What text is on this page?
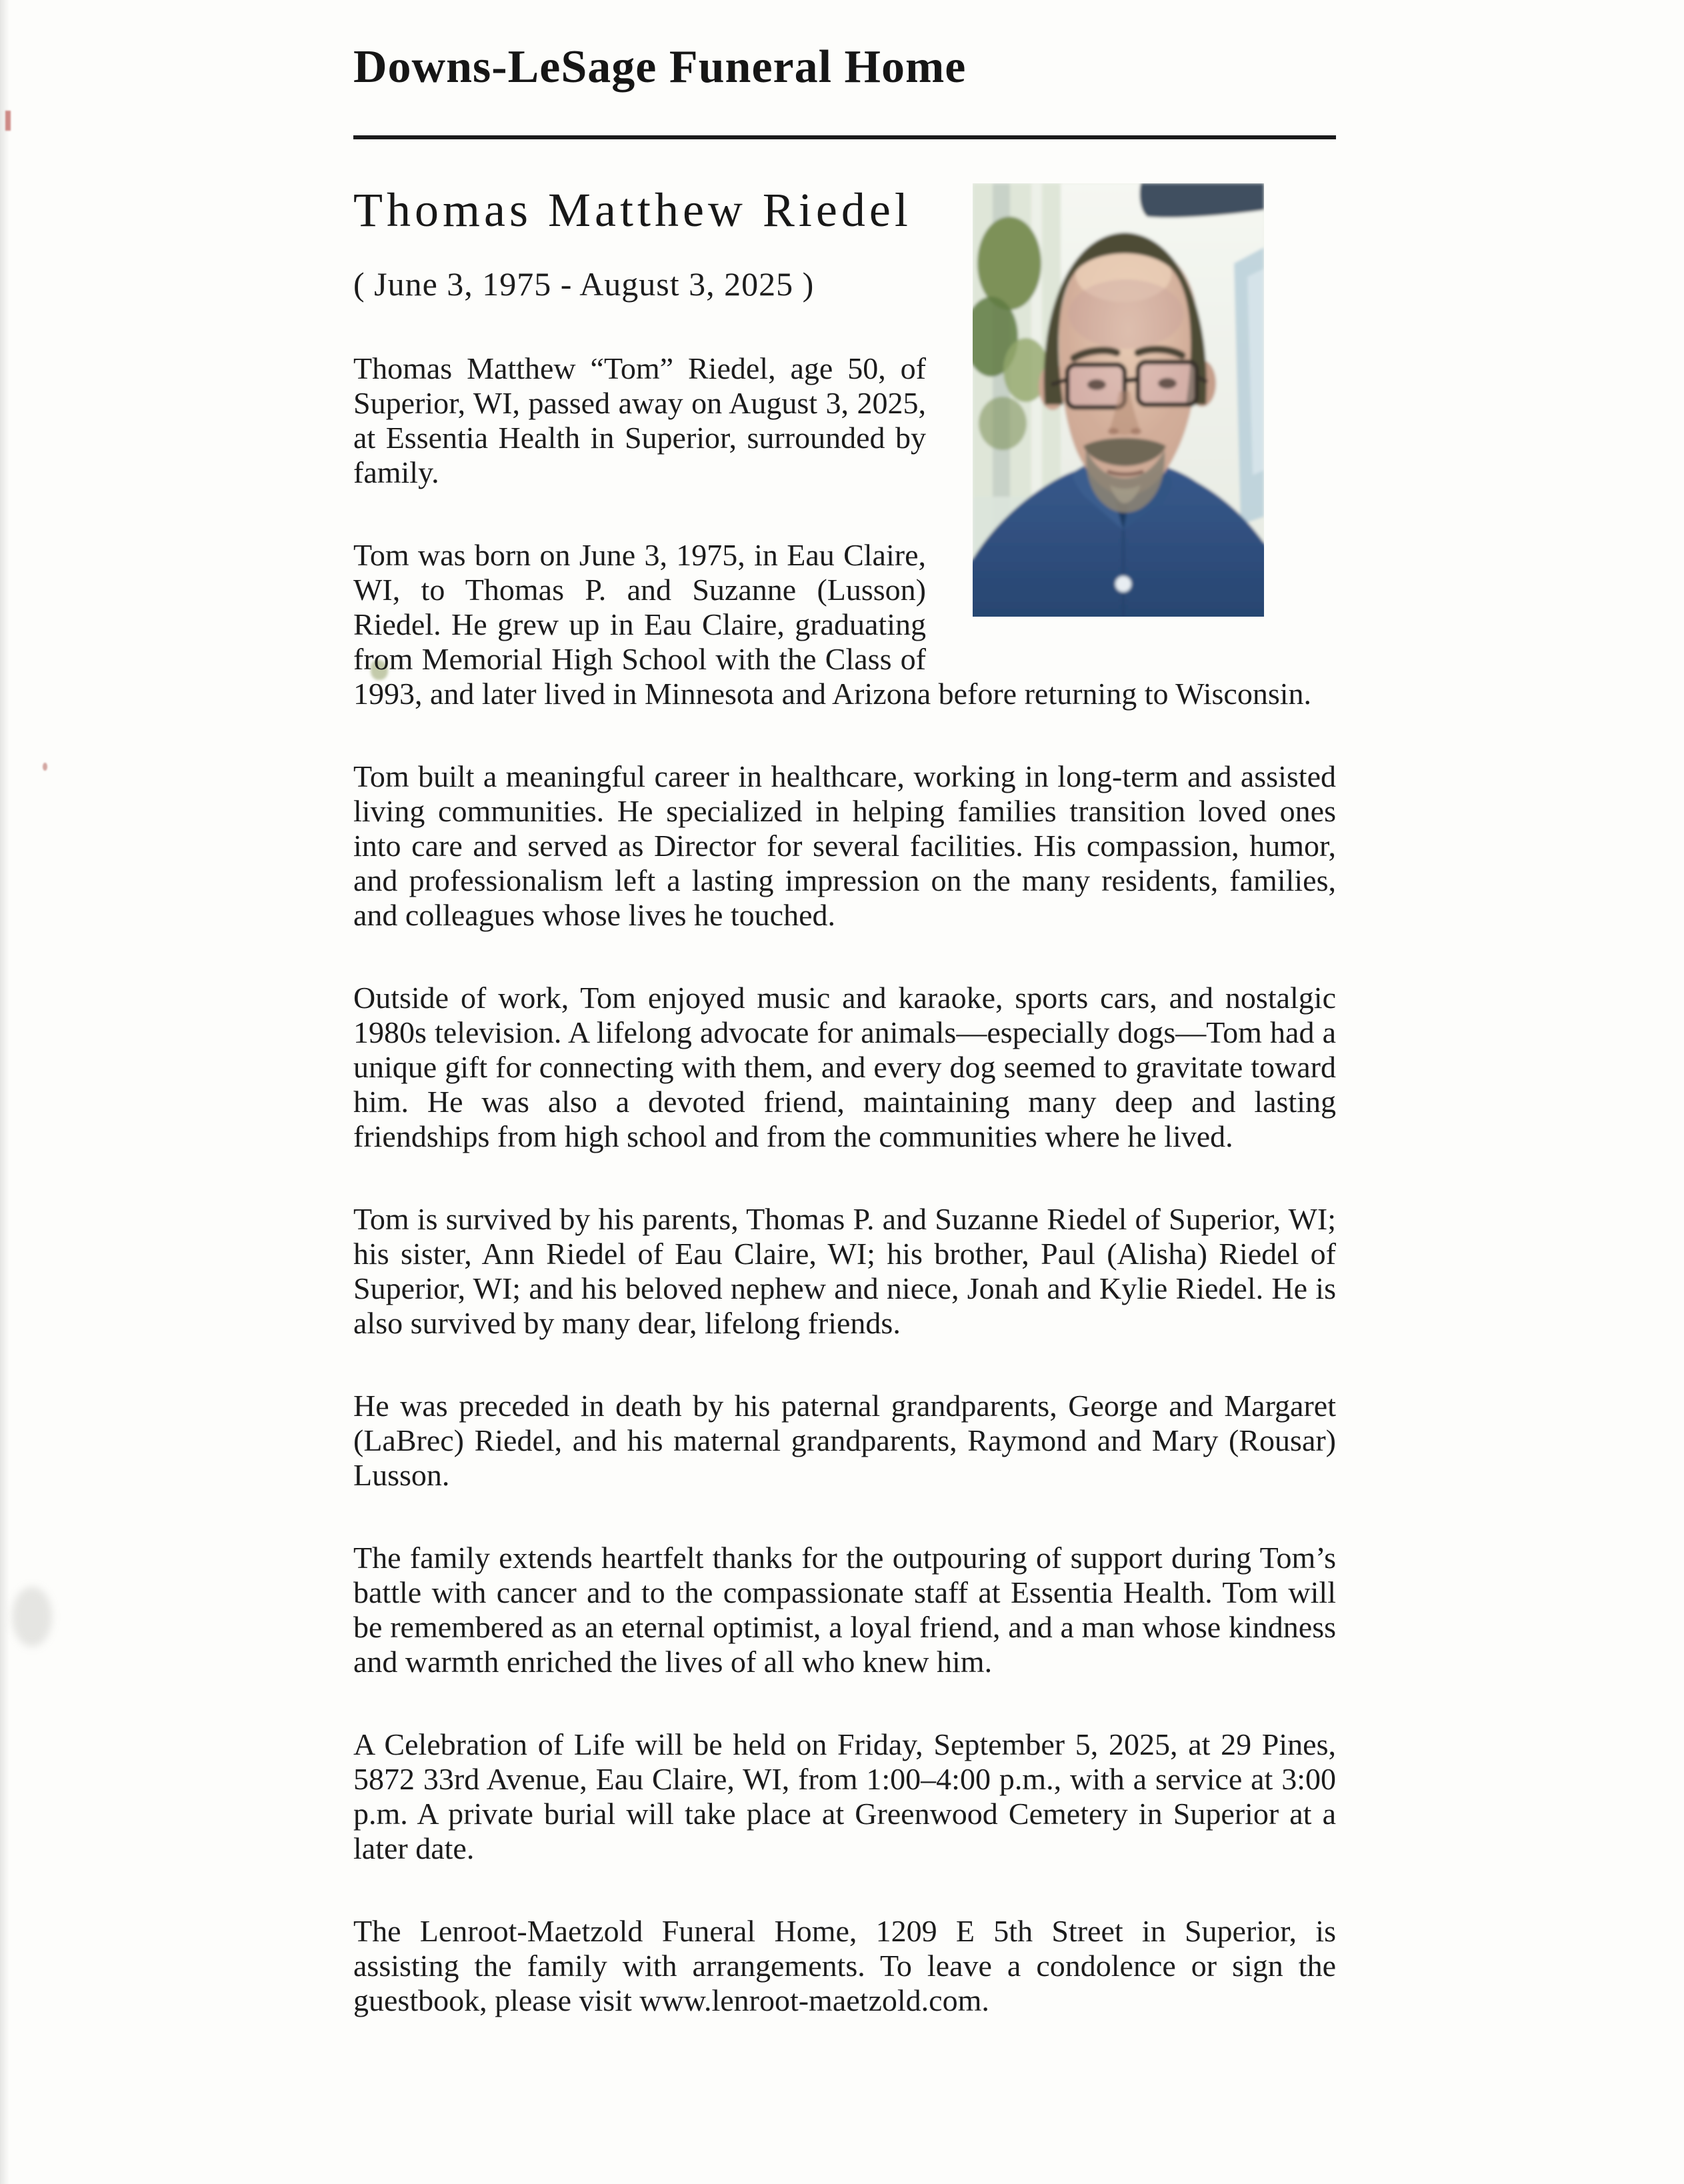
Downs-LeSage Funeral Home
Thomas Matthew Riedel
( June 3, 1975 - August 3, 2025 )

Thomas Matthew “Tom” Riedel, age 50, of Superior, WI, passed away on August 3, 2025, at Essentia Health in Superior, surrounded by family.

Tom was born on June 3, 1975, in Eau Claire, WI, to Thomas P. and Suzanne (Lusson) Riedel. He grew up in Eau Claire, graduating from Memorial High School with the Class of 1993, and later lived in Minnesota and Arizona before returning to Wisconsin.

Tom built a meaningful career in healthcare, working in long-term and assisted living communities. He specialized in helping families transition loved ones into care and served as Director for several facilities. His compassion, humor, and professionalism left a lasting impression on the many residents, families, and colleagues whose lives he touched.

Outside of work, Tom enjoyed music and karaoke, sports cars, and nostalgic 1980s television. A lifelong advocate for animals—especially dogs—Tom had a unique gift for connecting with them, and every dog seemed to gravitate toward him. He was also a devoted friend, maintaining many deep and lasting friendships from high school and from the communities where he lived.

Tom is survived by his parents, Thomas P. and Suzanne Riedel of Superior, WI; his sister, Ann Riedel of Eau Claire, WI; his brother, Paul (Alisha) Riedel of Superior, WI; and his beloved nephew and niece, Jonah and Kylie Riedel. He is also survived by many dear, lifelong friends.

He was preceded in death by his paternal grandparents, George and Margaret (LaBrec) Riedel, and his maternal grandparents, Raymond and Mary (Rousar) Lusson.

The family extends heartfelt thanks for the outpouring of support during Tom’s battle with cancer and to the compassionate staff at Essentia Health. Tom will be remembered as an eternal optimist, a loyal friend, and a man whose kindness and warmth enriched the lives of all who knew him.

A Celebration of Life will be held on Friday, September 5, 2025, at 29 Pines, 5872 33rd Avenue, Eau Claire, WI, from 1:00–4:00 p.m., with a service at 3:00 p.m. A private burial will take place at Greenwood Cemetery in Superior at a later date.

The Lenroot-Maetzold Funeral Home, 1209 E 5th Street in Superior, is assisting the family with arrangements. To leave a condolence or sign the guestbook, please visit www.lenroot-maetzold.com.
